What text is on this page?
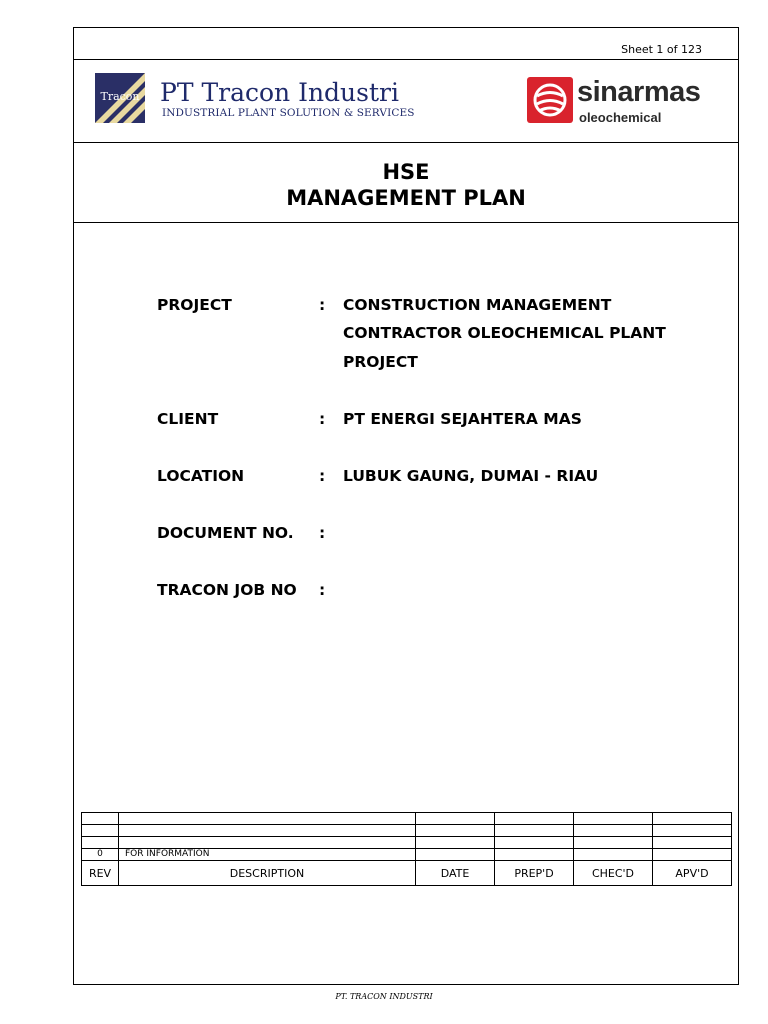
Sheet 1 of 123
Tracon PT Tracon Industri
INDUSTRIAL PLANT SOLUTION & SERVICES
sinarmas
oleochemical
HSE
MANAGEMENT PLAN
PROJECT	: CONSTRUCTION MANAGEMENT
CONTRACTOR OLEOCHEMICAL PLANT
PROJECT
CLIENT	: PT ENERGI SEJAHTERA MAS
LOCATION	: LUBUK GAUNG, DUMAI - RIAU
DOCUMENT NO. :
TRACON JOB NO :

0	FOR INFORMATION				
REV	DESCRIPTION	DATE	PREP'D	CHEC'D	APV'D
PT. TRACON INDUSTRI
